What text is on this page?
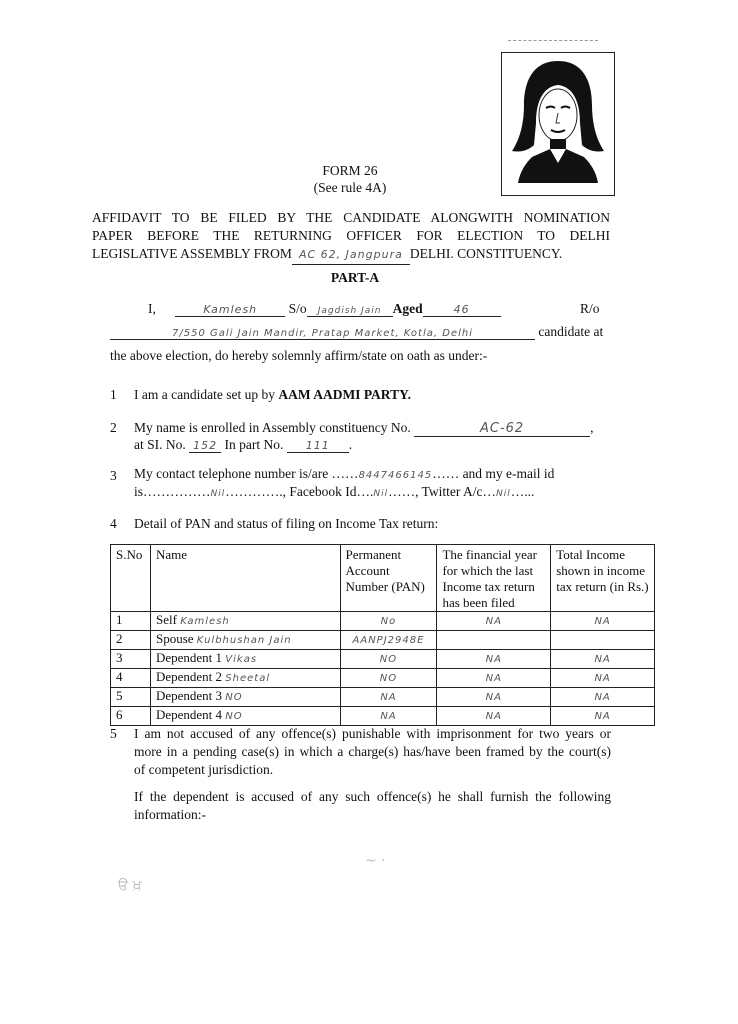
FORM 26
(See rule 4A)
AFFIDAVIT TO BE FILED BY THE CANDIDATE ALONGWITH NOMINATION
PAPER BEFORE THE RETURNING OFFICER FOR ELECTION TO DELHI
LEGISLATIVE ASSEMBLY FROM AC 62, Jangpura DELHI. CONSTITUENCY.
PART-A
I,	Kamlesh S/o Jagdish Jain Aged	46	R/o
7/550 Gali Jain Mandir, Pratap Market, Kotla, Delhi	candidate at
the above election, do hereby solemnly affirm/state on oath as under:-
1 I am a candidate set up by AAM AADMI PARTY.
2 My name is enrolled in Assembly constituency No.	AC-62	,
at SI. No. 152 In part No. 111 .
3 My contact telephone number is/are ……8447466145…… and my e-mail id
is……………Nil…………., Facebook Id….Nil……, Twitter A/c…Nil…...
4 Detail of PAN and status of filing on Income Tax return:
S.No	Name	Permanent Account Number (PAN)	The financial year for which the last Income tax return has been filed	Total Income shown in income tax return (in Rs.)
1	Self Kamlesh	No	NA	NA
2	Spouse Kulbhushan Jain	AANPJ2948E		
3	Dependent 1 Vikas	NO	NA	NA
4	Dependent 2 Sheetal	NO	NA	NA
5	Dependent 3 NO	NA	NA	NA
6	Dependent 4 NO	NA	NA	NA
5 I am not accused of any offence(s) punishable with imprisonment for two years or
more in a pending case(s) in which a charge(s) has/have been framed by the court(s)
of competent jurisdiction.
If the dependent is accused of any such offence(s) he shall furnish the following
information:-
ੳ ਖ਼
~ ·
